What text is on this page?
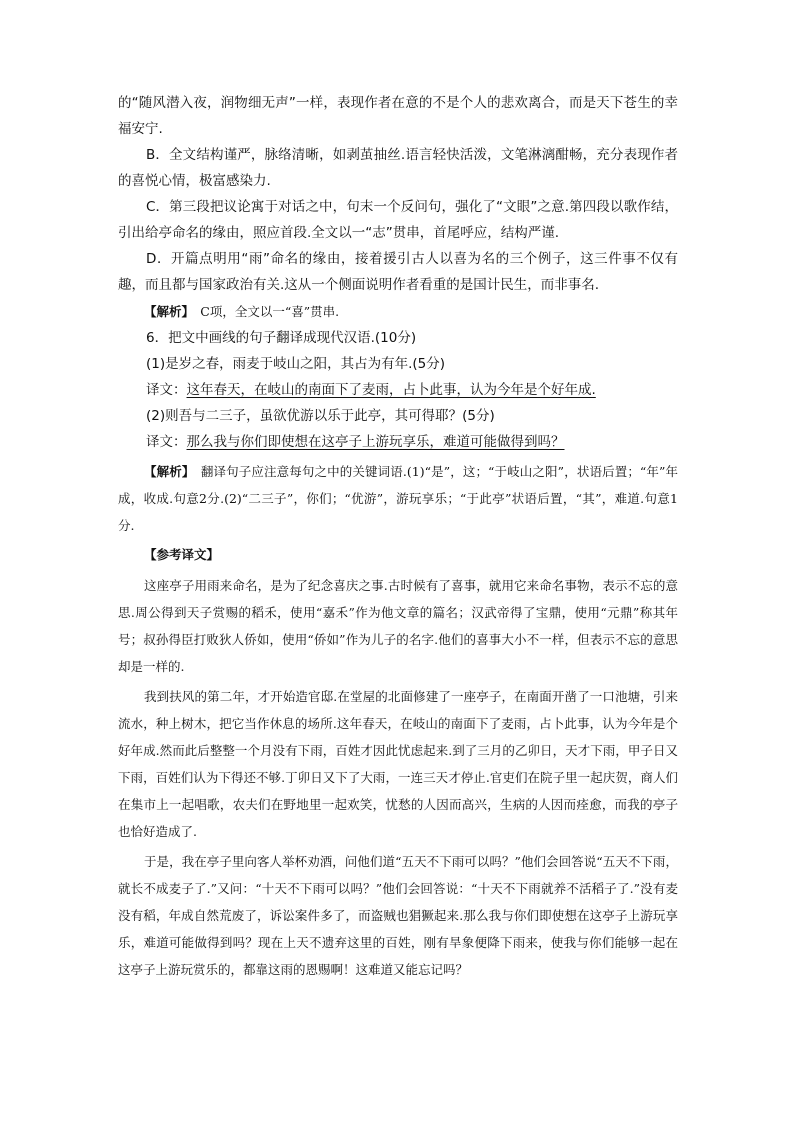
的“随风潜入夜，润物细无声”一样，表现作者在意的不是个人的悲欢离合，而是天下苍生的幸福安宁.

B．全文结构谨严，脉络清晰，如剥茧抽丝.语言轻快活泼，文笔淋漓酣畅，充分表现作者的喜悦心情，极富感染力.

C．第三段把议论寓于对话之中，句末一个反问句，强化了“文眼”之意.第四段以歌作结，引出给亭命名的缘由，照应首段.全文以一“志”贯串，首尾呼应，结构严谨.

D．开篇点明用“雨”命名的缘由，接着援引古人以喜为名的三个例子，这三件事不仅有趣，而且都与国家政治有关.这从一个侧面说明作者看重的是国计民生，而非事名.

【解析】　C项，全文以一“喜”贯串.

6．把文中画线的句子翻译成现代汉语.(10分)

(1)是岁之春，雨麦于岐山之阳，其占为有年.(5分)

译文：这年春天，在岐山的南面下了麦雨，占卜此事，认为今年是个好年成.

(2)则吾与二三子，虽欲优游以乐于此亭，其可得耶？(5分)

译文：那么我与你们即使想在这亭子上游玩享乐，难道可能做得到吗？

【解析】　翻译句子应注意每句之中的关键词语.(1)“是”，这；“于岐山之阳”，状语后置；“年”年成，收成.句意2分.(2)“二三子”，你们；“优游”，游玩享乐；“于此亭”状语后置，“其”，难道.句意1分.

【参考译文】

这座亭子用雨来命名，是为了纪念喜庆之事.古时候有了喜事，就用它来命名事物，表示不忘的意思.周公得到天子赏赐的稻禾，使用“嘉禾”作为他文章的篇名；汉武帝得了宝鼎，使用“元鼎”称其年号；叔孙得臣打败狄人侨如，使用“侨如”作为儿子的名字.他们的喜事大小不一样，但表示不忘的意思却是一样的.

我到扶风的第二年，才开始造官邸.在堂屋的北面修建了一座亭子，在南面开凿了一口池塘，引来流水，种上树木，把它当作休息的场所.这年春天，在岐山的南面下了麦雨，占卜此事，认为今年是个好年成.然而此后整整一个月没有下雨，百姓才因此忧虑起来.到了三月的乙卯日，天才下雨，甲子日又下雨，百姓们认为下得还不够.丁卯日又下了大雨，一连三天才停止.官吏们在院子里一起庆贺，商人们在集市上一起唱歌，农夫们在野地里一起欢笑，忧愁的人因而高兴，生病的人因而痊愈，而我的亭子也恰好造成了.

于是，我在亭子里向客人举杯劝酒，问他们道“五天不下雨可以吗？”他们会回答说“五天不下雨，就长不成麦子了.”又问：“十天不下雨可以吗？”他们会回答说：“十天不下雨就养不活稻子了.”没有麦没有稻，年成自然荒废了，诉讼案件多了，而盗贼也猖獗起来.那么我与你们即使想在这亭子上游玩享乐，难道可能做得到吗？现在上天不遗弃这里的百姓，刚有旱象便降下雨来，使我与你们能够一起在这亭子上游玩赏乐的，都靠这雨的恩赐啊！这难道又能忘记吗？
